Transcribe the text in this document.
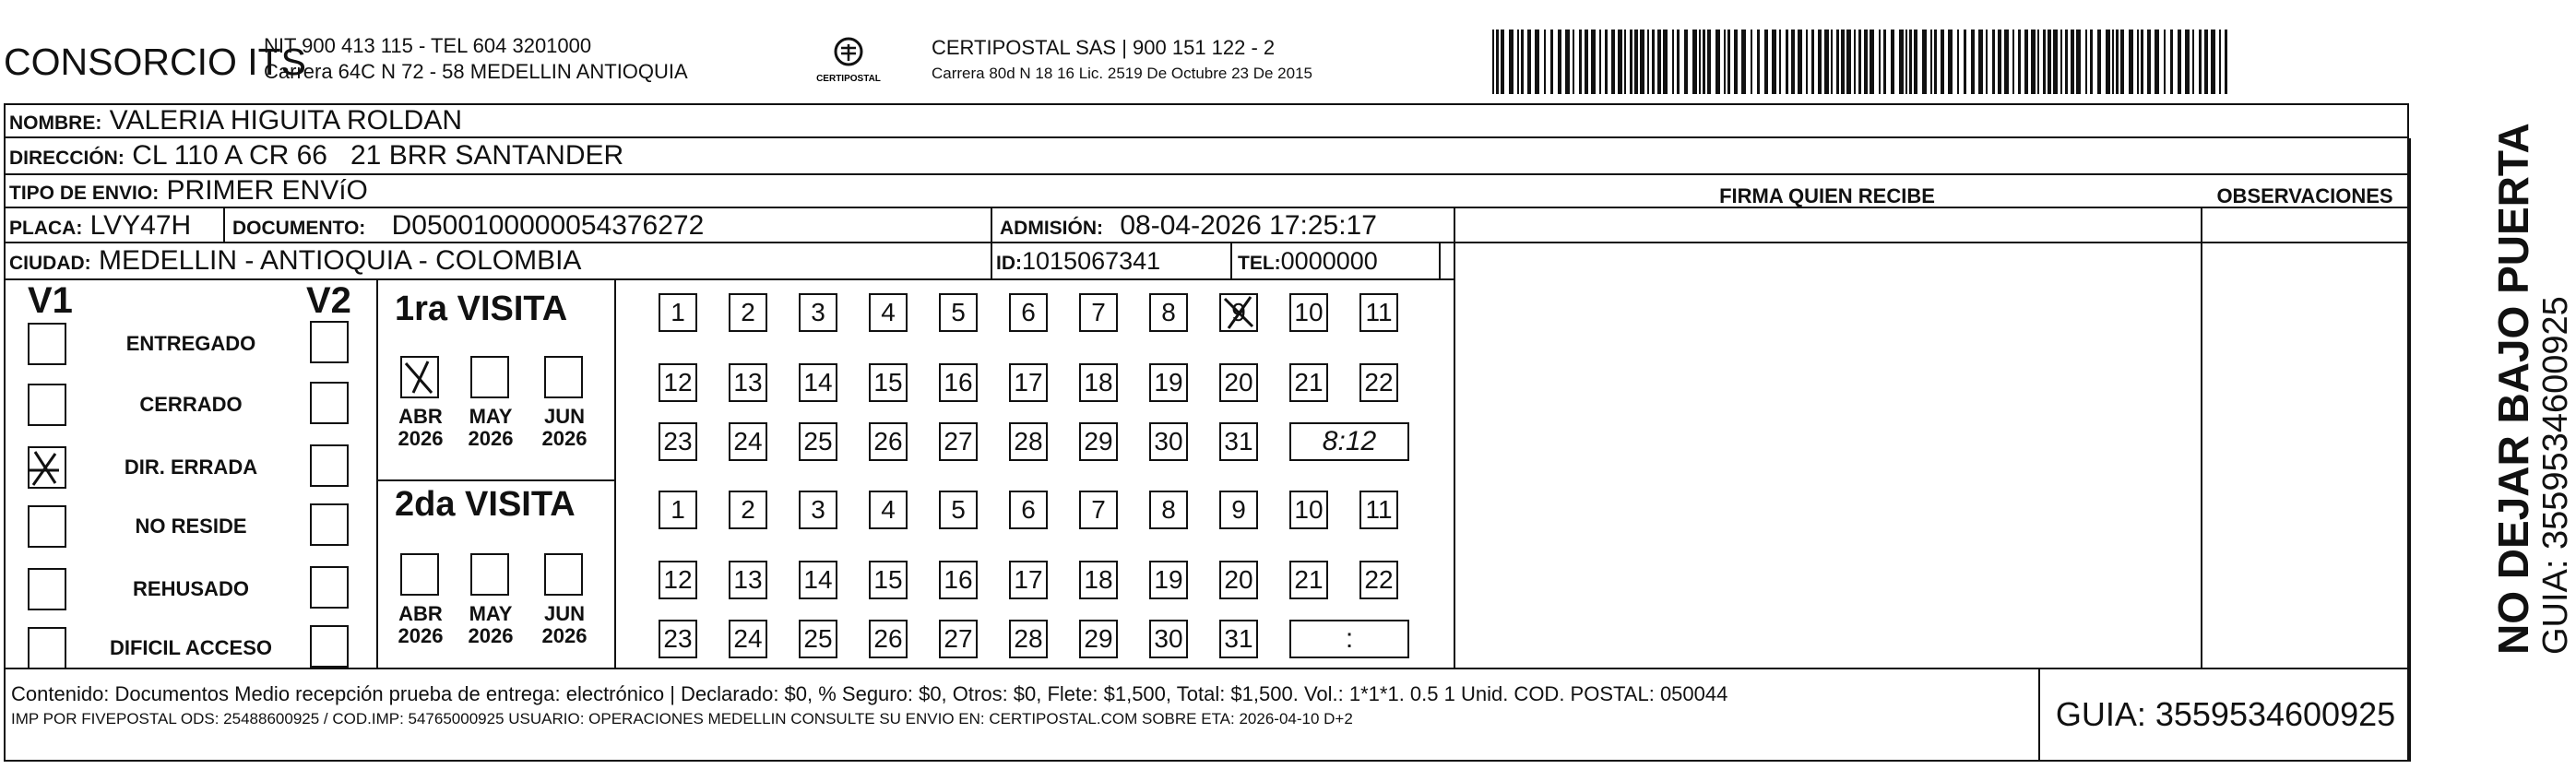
CONSORCIO ITS
NIT 900 413 115 - TEL 604 3201000
Carrera 64C N 72 - 58 MEDELLIN ANTIOQUIA	CERTIPOSTAL
CERTIPOSTAL SAS | 900 151 122 - 2
Carrera 80d N 18 16 Lic. 2519 De Octubre 23 De 2015
NOMBRE: VALERIA HIGUITA ROLDAN
DIRECCIÓN: CL 110 A CR 66   21 BRR SANTANDER
TIPO DE ENVIO: PRIMER ENVíO
PLACA: LVY47H DOCUMENTO: D0500100000054376272	ADMISIÓN: 08-04-2026 17:25:17
FIRMA QUIEN RECIBE	OBSERVACIONES
CIUDAD: MEDELLIN - ANTIOQUIA - COLOMBIA	ID:1015067341	TEL:0000000
V1	V2
ENTREGADO
CERRADO
DIR. ERRADA
NO RESIDE
REHUSADO
DIFICIL ACCESO
1ra VISITA
2da VISITA
ABR
2026
MAY
2026
JUN
2026
1	2	3	4	5	6	7	8	9	10 11
12 13 14 15 16 17 18 19 20 21 22
23 24 25 26 27 28 29 30 31	8:12
ABR
2026
MAY
2026
JUN
2026
1	2	3	4	5	6	7	8	9	10 11
12 13 14 15 16 17 18 19 20 21 22
23 24 25 26 27 28 29 30 31	:
Contenido: Documentos Medio recepción prueba de entrega: electrónico | Declarado: $0, % Seguro: $0, Otros: $0, Flete: $1,500, Total: $1,500. Vol.: 1*1*1. 0.5 1 Unid. COD. POSTAL: 050044
IMP POR FIVEPOSTAL ODS: 25488600925 / COD.IMP: 54765000925 USUARIO: OPERACIONES MEDELLIN CONSULTE SU ENVIO EN: CERTIPOSTAL.COM SOBRE ETA: 2026-04-10 D+2	GUIA: 3559534600925
NO DEJAR BAJO PUERTA GUIA: 3559534600925
